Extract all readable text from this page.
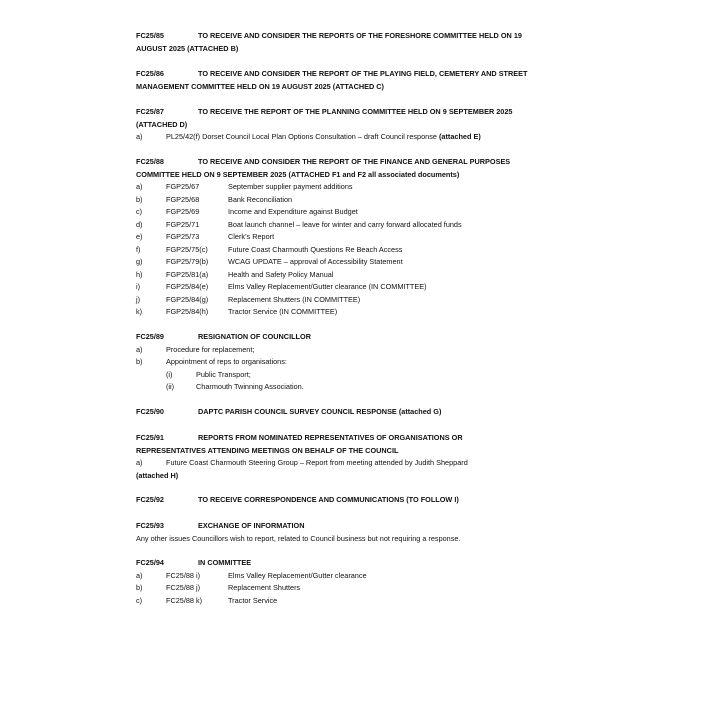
FC25/85	TO RECEIVE AND CONSIDER THE REPORTS OF THE FORESHORE COMMITTEE HELD ON 19
AUGUST 2025 (ATTACHED B)
FC25/86	TO RECEIVE AND CONSIDER THE REPORT OF THE PLAYING FIELD, CEMETERY AND STREET
MANAGEMENT COMMITTEE HELD ON 19 AUGUST 2025 (ATTACHED C)
FC25/87	TO RECEIVE THE REPORT OF THE PLANNING COMMITTEE HELD ON 9 SEPTEMBER 2025
(ATTACHED D)
a)	PL25/42(f) Dorset Council Local Plan Options Consultation – draft Council response (attached E)
FC25/88	TO RECEIVE AND CONSIDER THE REPORT OF THE FINANCE AND GENERAL PURPOSES
COMMITTEE HELD ON 9 SEPTEMBER 2025 (ATTACHED F1 and F2 all associated documents)
a)	FGP25/67	September supplier payment additions
b)	FGP25/68	Bank Reconciliation
c)	FGP25/69	Income and Expenditure against Budget
d)	FGP25/71	Boat launch channel – leave for winter and carry forward allocated funds
e)	FGP25/73	Clerk’s Report
f)	FGP25/75(c)	Future Coast Charmouth Questions Re Beach Access
g)	FGP25/79(b)	WCAG UPDATE – approval of Accessibility Statement
h)	FGP25/81(a)	Health and Safety Policy Manual
i)	FGP25/84(e)	Elms Valley Replacement/Gutter clearance (IN COMMITTEE)
j)	FGP25/84(g)	Replacement Shutters (IN COMMITTEE)
k)	FGP25/84(h)	Tractor Service (IN COMMITTEE)
FC25/89	RESIGNATION OF COUNCILLOR
a)	Procedure for replacement;
b)	Appointment of reps to organisations:
(i)	Public Transport;
(ii)	Charmouth Twinning Association.
FC25/90	DAPTC PARISH COUNCIL SURVEY COUNCIL RESPONSE (attached G)
FC25/91	REPORTS FROM NOMINATED REPRESENTATIVES OF ORGANISATIONS OR
REPRESENTATIVES ATTENDING MEETINGS ON BEHALF OF THE COUNCIL
a)	Future Coast Charmouth Steering Group – Report from meeting attended by Judith Sheppard
(attached H)
FC25/92	TO RECEIVE CORRESPONDENCE AND COMMUNICATIONS (TO FOLLOW I)
FC25/93	EXCHANGE OF INFORMATION
Any other issues Councillors wish to report, related to Council business but not requiring a response.
FC25/94	IN COMMITTEE
a)	FC25/88 i)	Elms Valley Replacement/Gutter clearance
b)	FC25/88 j)	Replacement Shutters
c)	FC25/88 k)	Tractor Service
